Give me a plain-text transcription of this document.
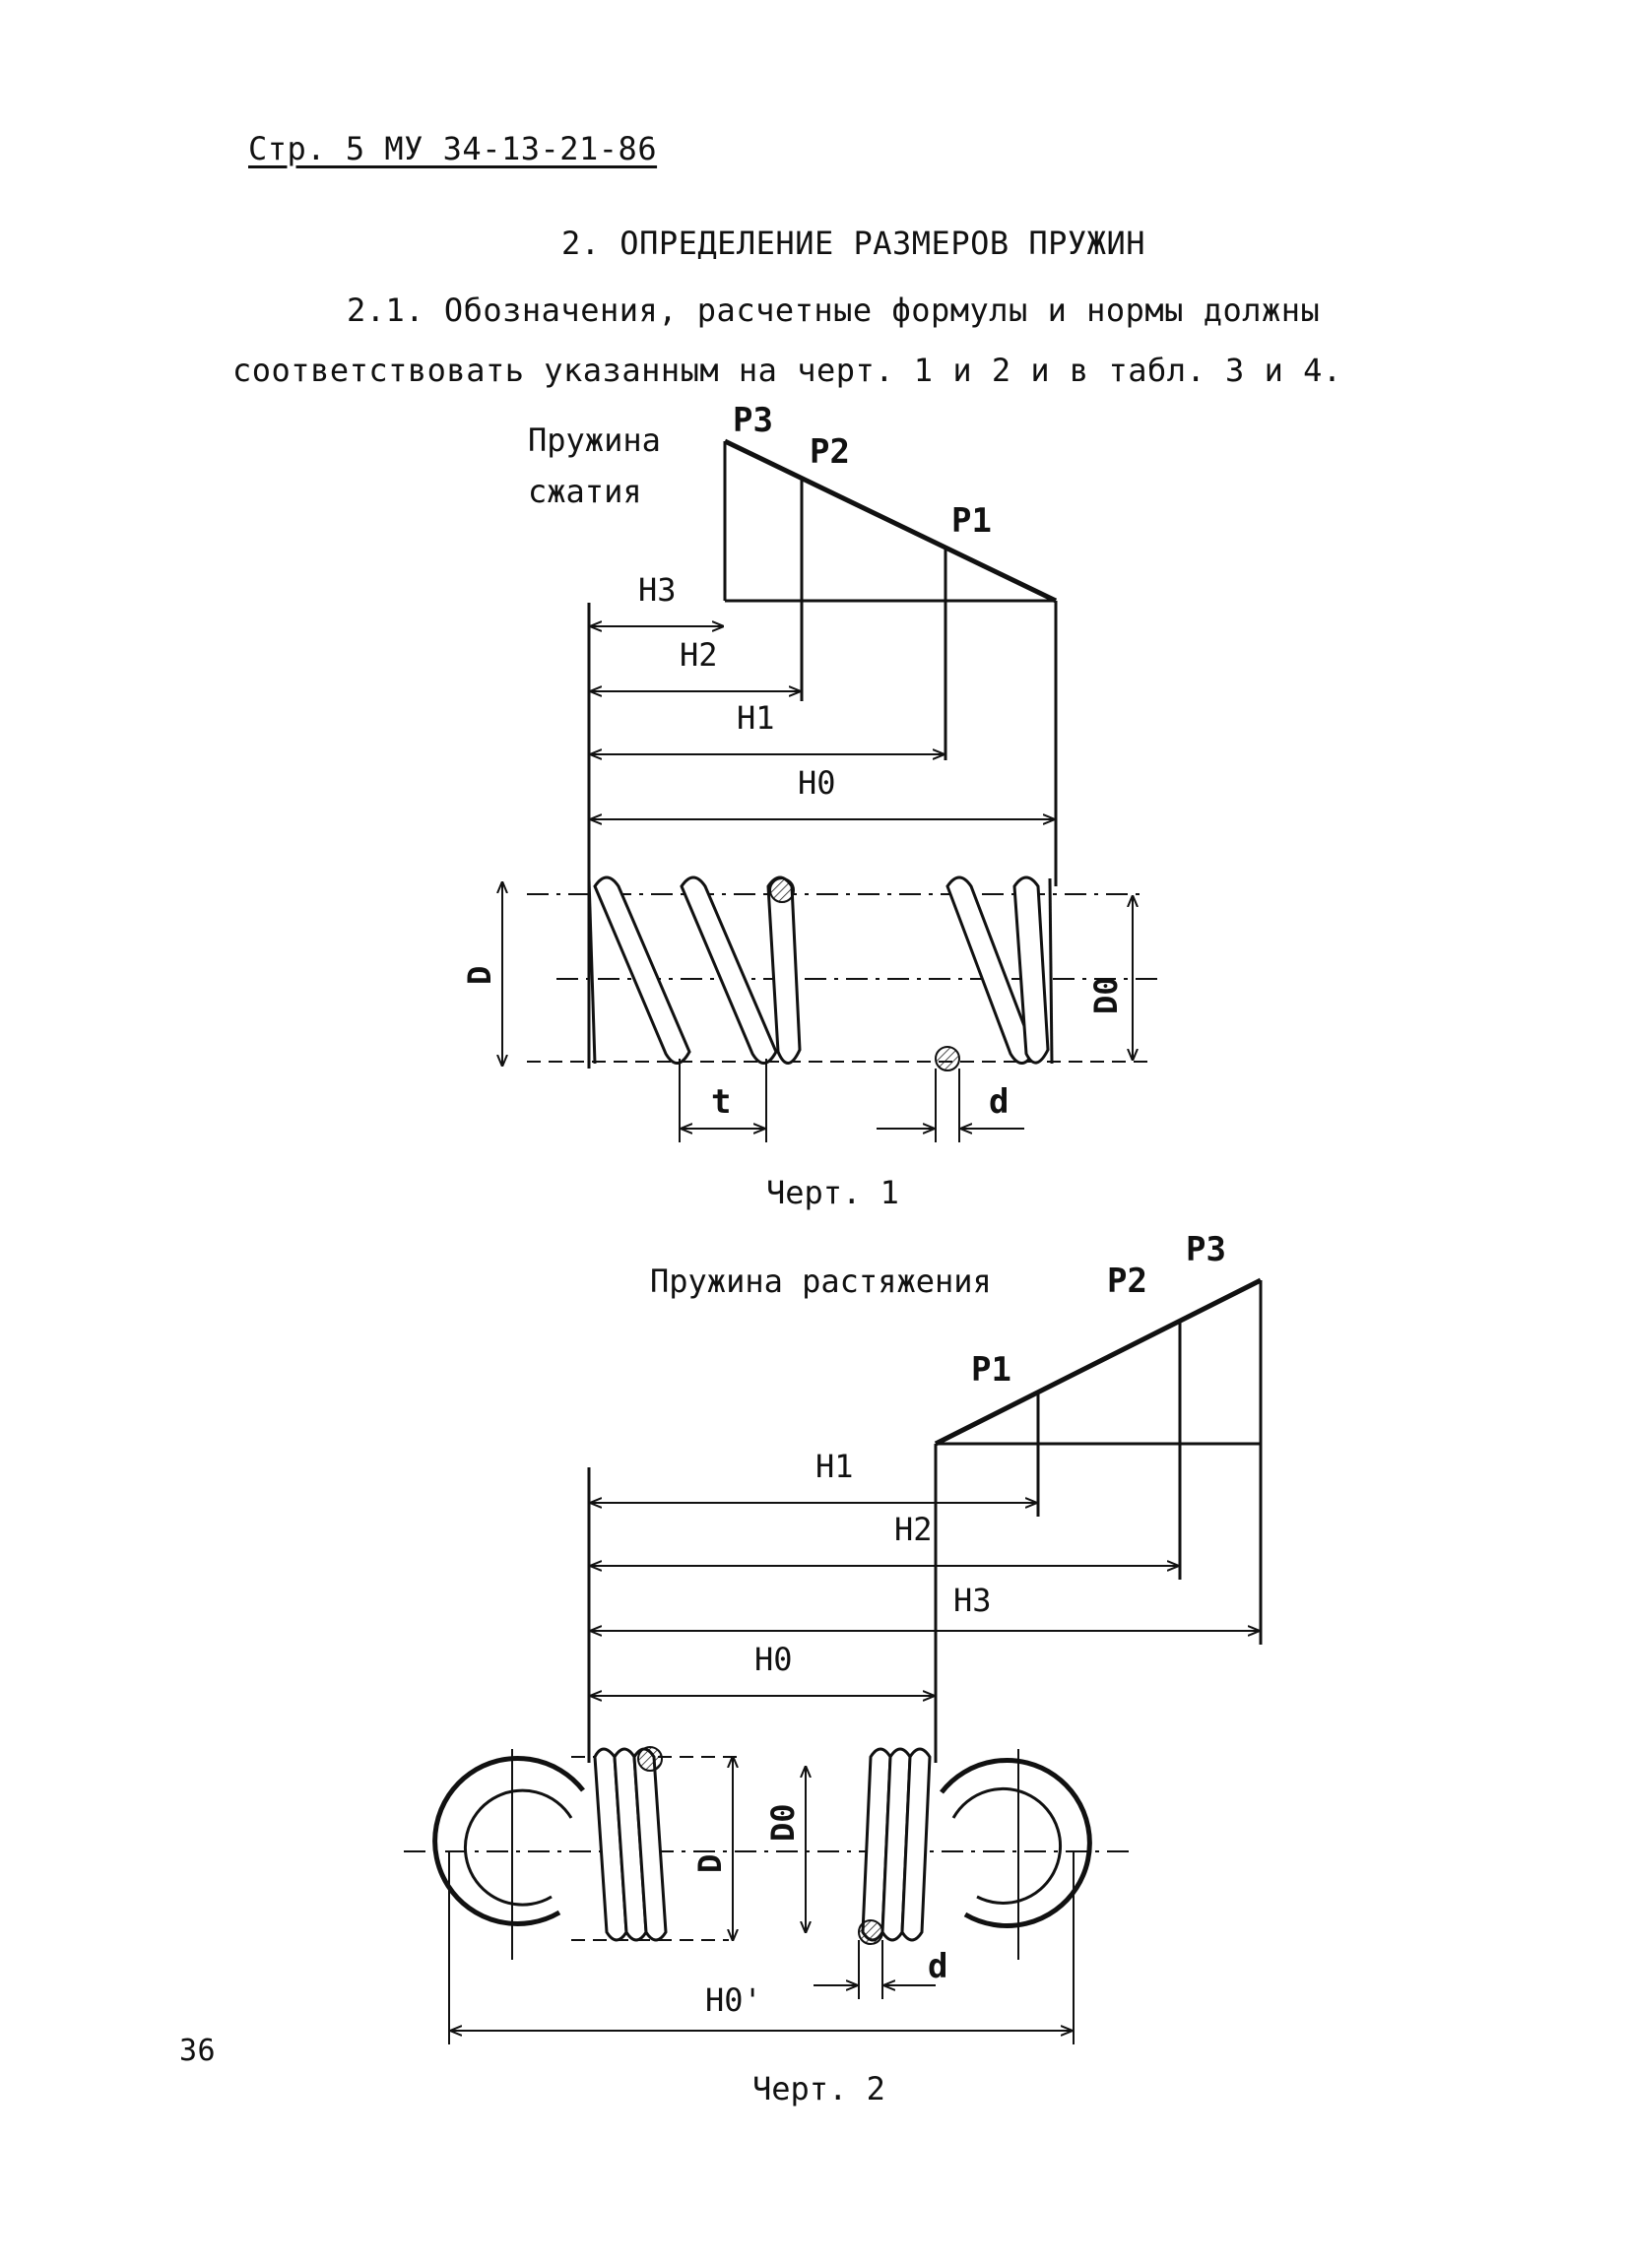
Стр. 5 МУ 34-13-21-86
2. ОПРЕДЕЛЕНИЕ РАЗМЕРОВ ПРУЖИН
2.1. Обозначения, расчетные формулы и нормы должны
соответствовать указанным на черт. 1 и 2 и в табл. 3 и 4.
36
Пружина
сжатия
P3
P2
P1
H3
H2
H1
H0
D
D0
t	d
Черт. 1
Пружина растяжения
P1
P2
P3
H1
H2
H3
H0
D
D0
d
H0'
Черт. 2
